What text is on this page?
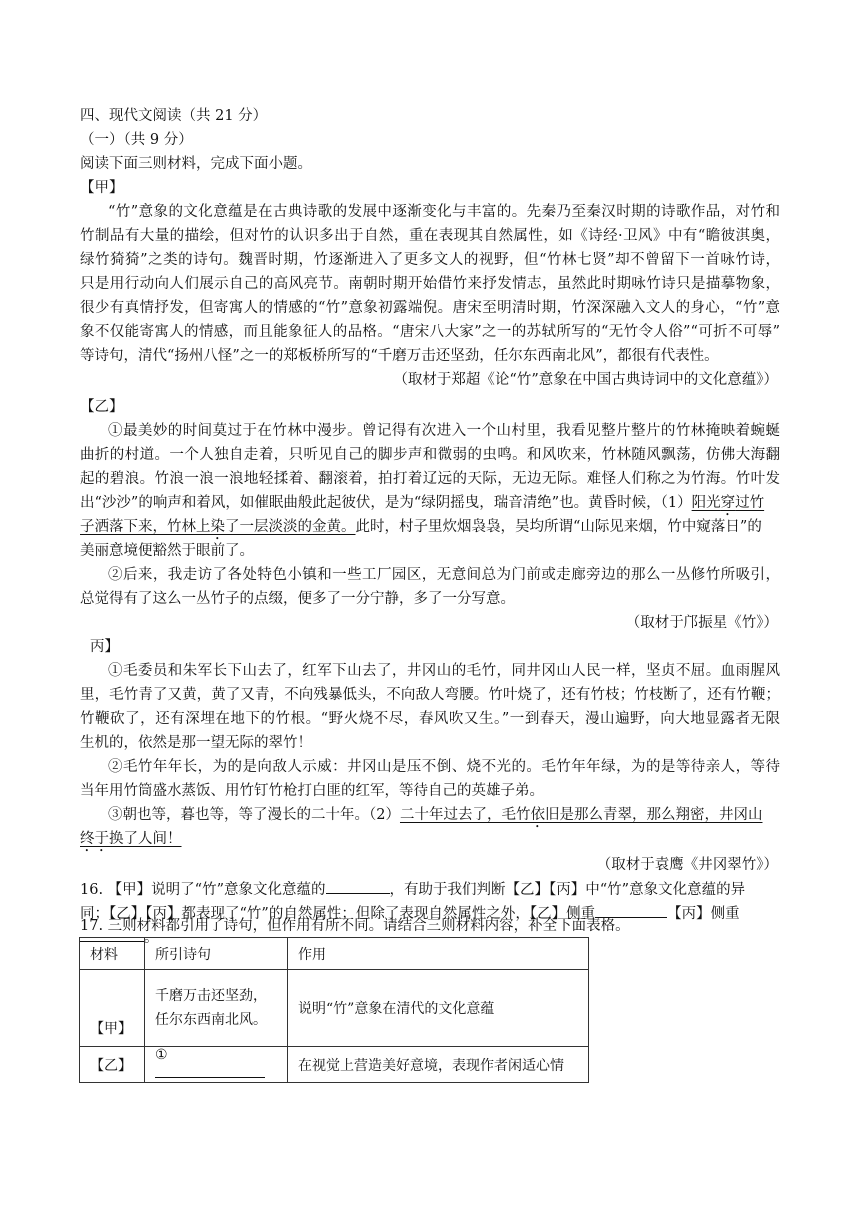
四、现代文阅读（共 21 分）
（一）（共 9 分）
阅读下面三则材料，完成下面小题。
【甲】
“竹”意象的文化意蕴是在古典诗歌的发展中逐渐变化与丰富的。先秦乃至秦汉时期的诗歌作品，对竹和
竹制品有大量的描绘，但对竹的认识多出于自然，重在表现其自然属性，如《诗经·卫风》中有“瞻彼淇奥，
绿竹猗猗”之类的诗句。魏晋时期，竹逐渐进入了更多文人的视野，但“竹林七贤”却不曾留下一首咏竹诗，
只是用行动向人们展示自己的高风亮节。南朝时期开始借竹来抒发情志，虽然此时期咏竹诗只是描摹物象，
很少有真情抒发，但寄寓人的情感的“竹”意象初露端倪。唐宋至明清时期，竹深深融入文人的身心，“竹”意
象不仅能寄寓人的情感，而且能象征人的品格。“唐宋八大家”之一的苏轼所写的“无竹令人俗”“可折不可辱”
等诗句，清代“扬州八怪”之一的郑板桥所写的“千磨万击还坚劲，任尔东西南北风”，都很有代表性。
（取材于郑超《论“竹”意象在中国古典诗词中的文化意蕴》）
【乙】
①最美妙的时间莫过于在竹林中漫步。曾记得有次进入一个山村里，我看见整片整片的竹林掩映着蜿蜒
曲折的村道。一个人独自走着，只听见自己的脚步声和微弱的虫鸣。和风吹来，竹林随风飘荡，仿佛大海翻
起的碧浪。竹浪一浪一浪地轻揉着、翻滚着，拍打着辽远的天际，无边无际。难怪人们称之为竹海。竹叶发
出“沙沙”的响声和着风，如催眠曲般此起彼伏，是为“绿阴摇曳，瑞音清绝”也。黄昏时候，（1）阳光穿过竹
子洒落下来，竹林上染了一层淡淡的金黄。此时，村子里炊烟袅袅，吴均所谓“山际见来烟，竹中窥落日”的
美丽意境便豁然于眼前了。
②后来，我走访了各处特色小镇和一些工厂园区，无意间总为门前或走廊旁边的那么一丛修竹所吸引，
总觉得有了这么一丛竹子的点缀，便多了一分宁静，多了一分写意。
（取材于邝振星《竹》）
丙】
①毛委员和朱军长下山去了，红军下山去了，井冈山的毛竹，同井冈山人民一样，坚贞不屈。血雨腥风
里，毛竹青了又黄，黄了又青，不向残暴低头，不向敌人弯腰。竹叶烧了，还有竹枝；竹枝断了，还有竹鞭；
竹鞭砍了，还有深埋在地下的竹根。“野火烧不尽，春风吹又生。”一到春天，漫山遍野，向大地显露者无限
生机的，依然是那一望无际的翠竹！
②毛竹年年长，为的是向敌人示威：井冈山是压不倒、烧不光的。毛竹年年绿，为的是等待亲人，等待
当年用竹筒盛水蒸饭、用竹钉竹枪打白匪的红军，等待自己的英雄子弟。
③朝也等，暮也等，等了漫长的二十年。（2）二十年过去了，毛竹依旧是那么青翠，那么翔密，井冈山
终于换了人间！
（取材于袁鹰《井冈翠竹》）
16. 【甲】说明了“竹”意象文化意蕴的	，有助于我们判断【乙】【丙】中“竹”意象文化意蕴的异
同；【乙】【丙】都表现了“竹”的自然属性；但除了表现自然属性之外，【乙】侧重	【丙】侧重
。
17. 三则材料都引用了诗句，但作用有所不同。请结合三则材料内容，补全下面表格。
材料	所引诗句	作用
【甲】	千磨万击还坚劲，
任尔东西南北风。	说明“竹”意象在清代的文化意蕴
【乙】	①	在视觉上营造美好意境，表现作者闲适心情
